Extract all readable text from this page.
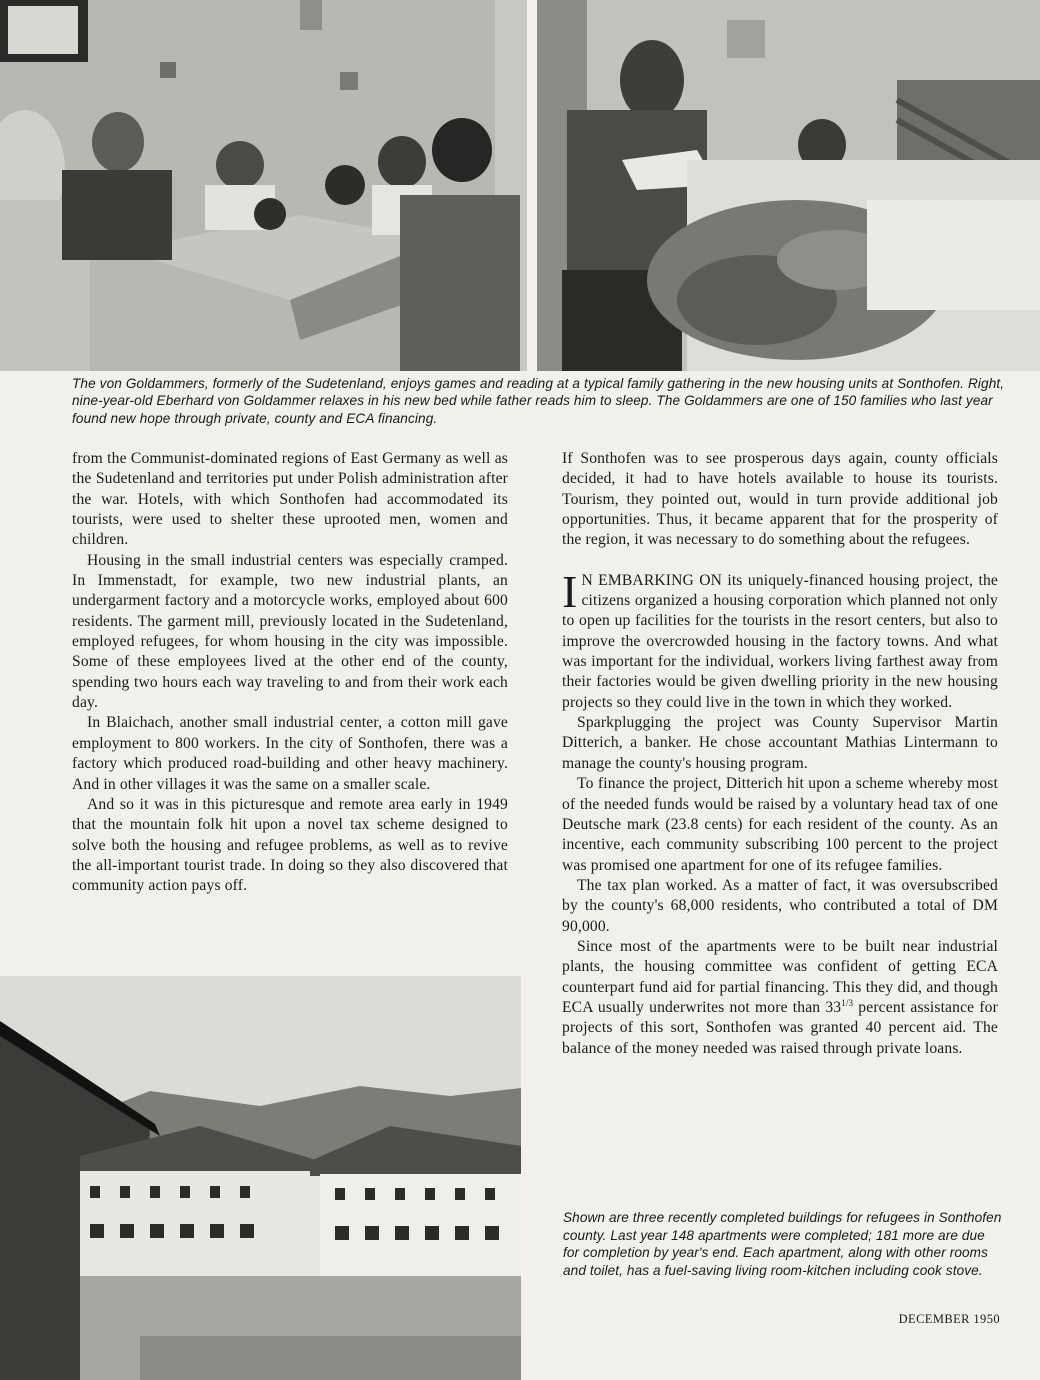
The von Goldammers, formerly of the Sudetenland, enjoys games and reading at a typical family gathering in the new housing units at Sonthofen. Right, nine-year-old Eberhard von Goldammer relaxes in his new bed while father reads him to sleep. The Goldammers are one of 150 families who last year found new hope through private, county and ECA financing.

from the Communist-dominated regions of East Germany as well as the Sudetenland and territories put under Polish administration after the war. Hotels, with which Sonthofen had accommodated its tourists, were used to shelter these uprooted men, women and children.

Housing in the small industrial centers was especially cramped. In Immenstadt, for example, two new industrial plants, an undergarment factory and a motorcycle works, employed about 600 residents. The garment mill, previously located in the Sudetenland, employed refugees, for whom housing in the city was impossible. Some of these employees lived at the other end of the county, spending two hours each way traveling to and from their work each day.

In Blaichach, another small industrial center, a cotton mill gave employment to 800 workers. In the city of Sonthofen, there was a factory which produced road-building and other heavy machinery. And in other villages it was the same on a smaller scale.

And so it was in this picturesque and remote area early in 1949 that the mountain folk hit upon a novel tax scheme designed to solve both the housing and refugee problems, as well as to revive the all-important tourist trade. In doing so they also discovered that community action pays off.

If Sonthofen was to see prosperous days again, county officials decided, it had to have hotels available to house its tourists. Tourism, they pointed out, would in turn provide additional job opportunities. Thus, it became apparent that for the prosperity of the region, it was necessary to do something about the refugees.

I N EMBARKING ON its uniquely-financed housing project, the citizens organized a housing corporation which planned not only to open up facilities for the tourists in the resort centers, but also to improve the overcrowded housing in the factory towns. And what was important for the individual, workers living farthest away from their factories would be given dwelling priority in the new housing projects so they could live in the town in which they worked.

Sparkplugging the project was County Supervisor Martin Ditterich, a banker. He chose accountant Mathias Lintermann to manage the county's housing program.

To finance the project, Ditterich hit upon a scheme whereby most of the needed funds would be raised by a voluntary head tax of one Deutsche mark (23.8 cents) for each resident of the county. As an incentive, each community subscribing 100 percent to the project was promised one apartment for one of its refugee families.

The tax plan worked. As a matter of fact, it was oversubscribed by the county's 68,000 residents, who contributed a total of DM 90,000.

Since most of the apartments were to be built near industrial plants, the housing committee was confident of getting ECA counterpart fund aid for partial financing. This they did, and though ECA usually underwrites not more than $33^{1/3}$ percent assistance for projects of this sort, Sonthofen was granted 40 percent aid. The balance of the money needed was raised through private loans.

Shown are three recently completed buildings for refugees in Sonthofen county. Last year 148 apartments were completed; 181 more are due for completion by year's end. Each apartment, along with other rooms and toilet, has a fuel-saving living room-kitchen including cook stove.

DECEMBER 1950
